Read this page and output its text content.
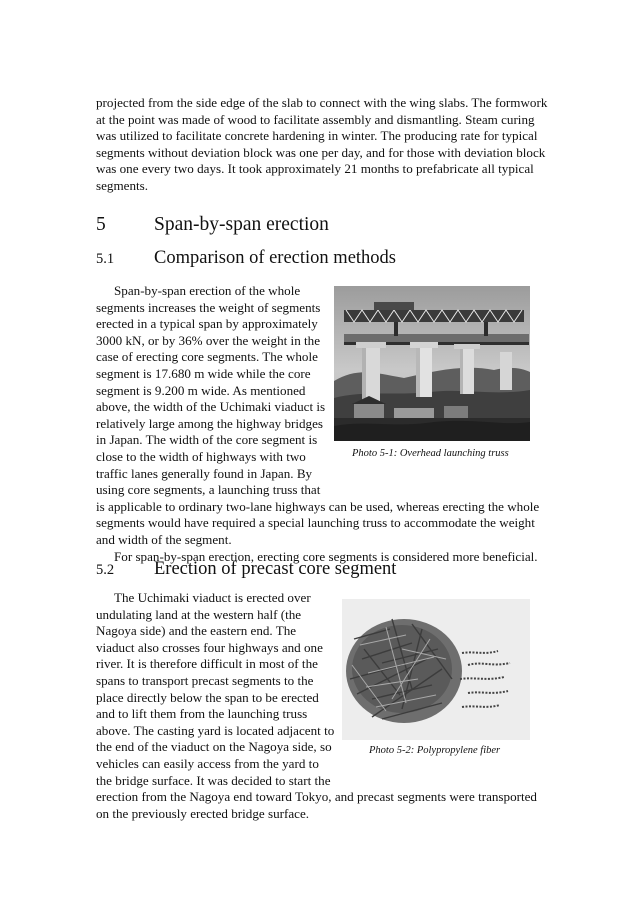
projected from the side edge of the slab to connect with the wing slabs. The formwork
at the point was made of wood to facilitate assembly and dismantling. Steam curing
was utilized to facilitate concrete hardening in winter. The producing rate for typical
segments without deviation block was one per day, and for those with deviation block
was one every two days. It took approximately 21 months to prefabricate all typical
segments.
5 Span-by-span erection
5.1 Comparison of erection methods
Span-by-span erection of the whole
segments increases the weight of segments
erected in a typical span by approximately
3000 kN, or by 36% over the weight in the
case of erecting core segments. The whole
segment is 17.680 m wide while the core
segment is 9.200 m wide. As mentioned
above, the width of the Uchimaki viaduct is
relatively large among the highway bridges
in Japan. The width of the core segment is
close to the width of highways with two
traffic lanes generally found in Japan. By
using core segments, a launching truss that
is applicable to ordinary two-lane highways can be used, whereas erecting the whole
segments would have required a special launching truss to accommodate the weight
and width of the segment.
For span-by-span erection, erecting core segments is considered more beneficial.
Photo 5-1: Overhead launching truss
5.2 Erection of precast core segment
The Uchimaki viaduct is erected over
undulating land at the western half (the
Nagoya side) and the eastern end. The
viaduct also crosses four highways and one
river. It is therefore difficult in most of the
spans to transport precast segments to the
place directly below the span to be erected
and to lift them from the launching truss
above. The casting yard is located adjacent to
the end of the viaduct on the Nagoya side, so
vehicles can easily access from the yard to
the bridge surface. It was decided to start the
erection from the Nagoya end toward Tokyo, and precast segments were transported
on the previously erected bridge surface.
Photo 5-2: Polypropylene fiber
